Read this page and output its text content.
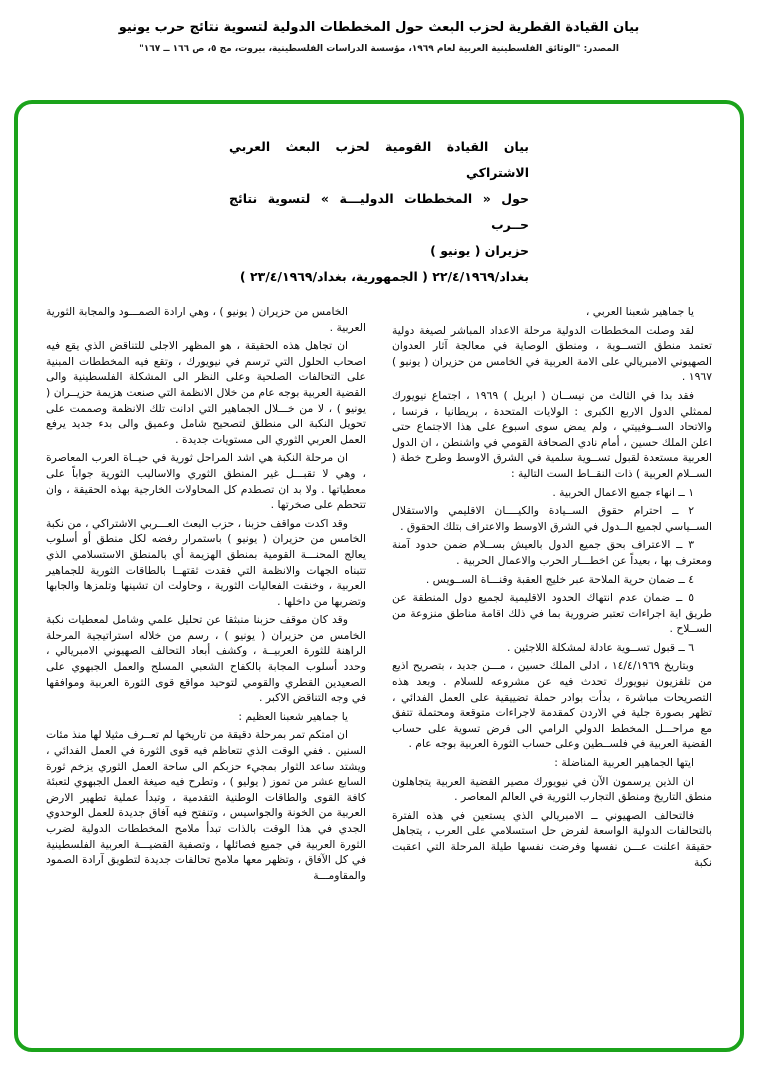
بيان القيادة القطرية لحزب البعث حول المخططات الدولية لتسوية نتائج حرب يونيو
المصدر: "الوثائق الفلسطينية العربية لعام ١٩٦٩، مؤسسة الدراسات الفلسطينية، بيروت، مج ٥، ص ١٦٦ ــ ١٦٧"
بيان القيادة القومية لحزب البعث العربي الاشتراكي
حول « المخططات الدوليـــة » لتسوية نتائج حــرب
حزيران ( يونيو )
بغداد/٢٢/٤/١٩٦٩ ( الجمهورية، بغداد/٢٣/٤/١٩٦٩ )

يا جماهير شعبنا العربي ،

لقد وصلت المخططات الدولية مرحلة الاعداد المباشر لصيغة دولية تعتمد منطق التســوية ، ومنطق الوصاية في معالجة آثار العدوان الصهيوني الامبريالي على الامة العربية في الخامس من حزيران ( يونيو ) ١٩٦٧ .

فقد بدا في الثالث من نيســان ( ابريل ) ١٩٦٩ ، اجتماع نيويورك لممثلي الدول الاربع الكبرى : الولايات المتحدة ، بريطانيا ، فرنسا ، والاتحاد الســوفييتي ، ولم يمض سوى اسبوع على هذا الاجتماع حتى اعلن الملك حسين ، أمام نادي الصحافة القومي في واشنطن ، ان الدول العربية مستعدة لقبول تســوية سلمية في الشرق الاوسط وطرح خطة ( الســلام العربية ) ذات النقــاط الست التالية :

١ ــ انهاء جميع الاعمال الحربية .

٢ ــ احترام حقوق الســيادة والكيــــان الاقليمي والاستقلال الســياسي لجميع الــدول في الشرق الاوسط والاعتراف بتلك الحقوق .

٣ ــ الاعتراف بحق جميع الدول بالعيش بســلام ضمن حدود آمنة ومعترف بها ، بعيداً عن اخطـــار الحرب والاعمال الحربية .

٤ ــ ضمان حرية الملاحة عبر خليج العقبة وقنـــاة الســويس .

٥ ــ ضمان عدم انتهاك الحدود الاقليمية لجميع دول المنطقة عن طريق اية اجراءات تعتبر ضرورية بما في ذلك اقامة مناطق منزوعة من الســلاح .

٦ ــ قبول تســوية عادلة لمشكلة اللاجئين .

وبتاريخ ١٤/٤/١٩٦٩ ، ادلى الملك حسين ، مـــن جديد ، بتصريح اذيع من تلفزيون نيويورك تحدث فيه عن مشروعه للسلام . وبعد هذه التصريحات مباشرة ، بدأت بوادر حملة تضييقية على العمل الفدائي ، تظهر بصورة جلية في الاردن كمقدمة لاجراءات متوقعة ومحتملة تتفق مع مراحـــل المخطط الدولي الرامي الى فرض تسوية على حساب القضية العربية في فلســطين وعلى حساب الثورة العربية بوجه عام .

ايتها الجماهير العربية المناضلة :

ان الذين يرسمون الآن في نيويورك مصير القضية العربية يتجاهلون منطق التاريخ ومنطق التجارب الثورية في العالم المعاصر .

فالتحالف الصهيوني ــ الامبريالي الذي يستعين في هذه الفترة بالتحالفات الدولية الواسعة لفرض حل استسلامي على العرب ، يتجاهل حقيقة اعلنت عـــن نفسها وفرضت نفسها طيلة المرحلة التي اعقبت نكبة

الخامس من حزيران ( يونيو ) ، وهي ارادة الصمـــود والمجابة الثورية العربية .

ان تجاهل هذه الحقيقة ، هو المظهر الاجلى للتناقض الذي يقع فيه اصحاب الحلول التي ترسم في نيويورك ، وتقع فيه المخططات المبنية على التحالفات الصلحية وعلى النظر الى المشكلة الفلسطينية والى القضية العربية بوجه عام من خلال الانظمة التي صنعت هزيمة حزيــران ( يونيو ) ، لا من خـــلال الجماهير التي ادانت تلك الانظمة وصممت على تحويل النكبة الى منطلق لتصحيح شامل وعميق والى بدء جديد يرفع العمل العربي الثوري الى مستويات جديدة .

ان مرحلة النكبة هي اشد المراحل ثورية في حيــاة العرب المعاصرة ، وهي لا تقبـــل غير المنطق الثوري والاساليب الثورية جواباً على معطياتها . ولا بد ان تصطدم كل المحاولات الخارجية بهذه الحقيقة ، وان تتحطم على صخرتها .

وقد اكدت مواقف حزبنا ، حزب البعث العـــربي الاشتراكي ، من نكبة الخامس من حزيران ( يونيو ) باستمرار رفضه لكل منطق أو أسلوب يعالج المحنـــة القومية بمنطق الهزيمة أي بالمنطق الاستسلامي الذي تتبناه الجهات والانظمة التي فقدت ثقتهــا بالطاقات الثورية للجماهير العربية ، وخنقت الفعاليات الثورية ، وحاولت ان تشينها وتلمزها والجابها وتضربها من داخلها .

وقد كان موقف حزبنا منبثقا عن تحليل علمي وشامل لمعطيات نكبة الخامس من حزيران ( يونيو ) ، رسم من خلاله استراتيجية المرحلة الراهنة للثورة العربيــة ، وكشف أبعاد التحالف الصهيوني الامبريالي ، وحدد أسلوب المجابة بالكفاح الشعبي المسلح والعمل الجبهوي على الصعيدين القطري والقومي لتوحيد مواقع قوى الثورة العربية وموافقها في وجه التناقض الاكبر .

يا جماهير شعبنا العظيم :

ان امتكم تمر بمرحلة دقيقة من تاريخها لم تعــرف مثيلا لها منذ مئات السنين . ففي الوقت الذي تتعاظم فيه قوى الثورة في العمل الفدائي ، ويشتد ساعد الثوار بمجيء حزبكم الى ساحة العمل الثوري يزخم ثورة السابع عشر من تموز ( يوليو ) ، وتطرح فيه صيغة العمل الجبهوي لتعبئة كافة القوى والطاقات الوطنية التقدمية ، وتبدأ عملية تطهير الارض العربية من الخونة والجواسيس ، وتنفتح فيه آفاق جديدة للعمل الوحدوي الجدي في هذا الوقت بالذات تبدأ ملامح المخططات الدولية لضرب الثورة العربية في جميع فصائلها ، وتصفية القضيـــة العربية الفلسطينية في كل الآفاق ، وتظهر معها ملامح تحالفات جديدة لتطويق آرادة الصمود والمقاومـــة
